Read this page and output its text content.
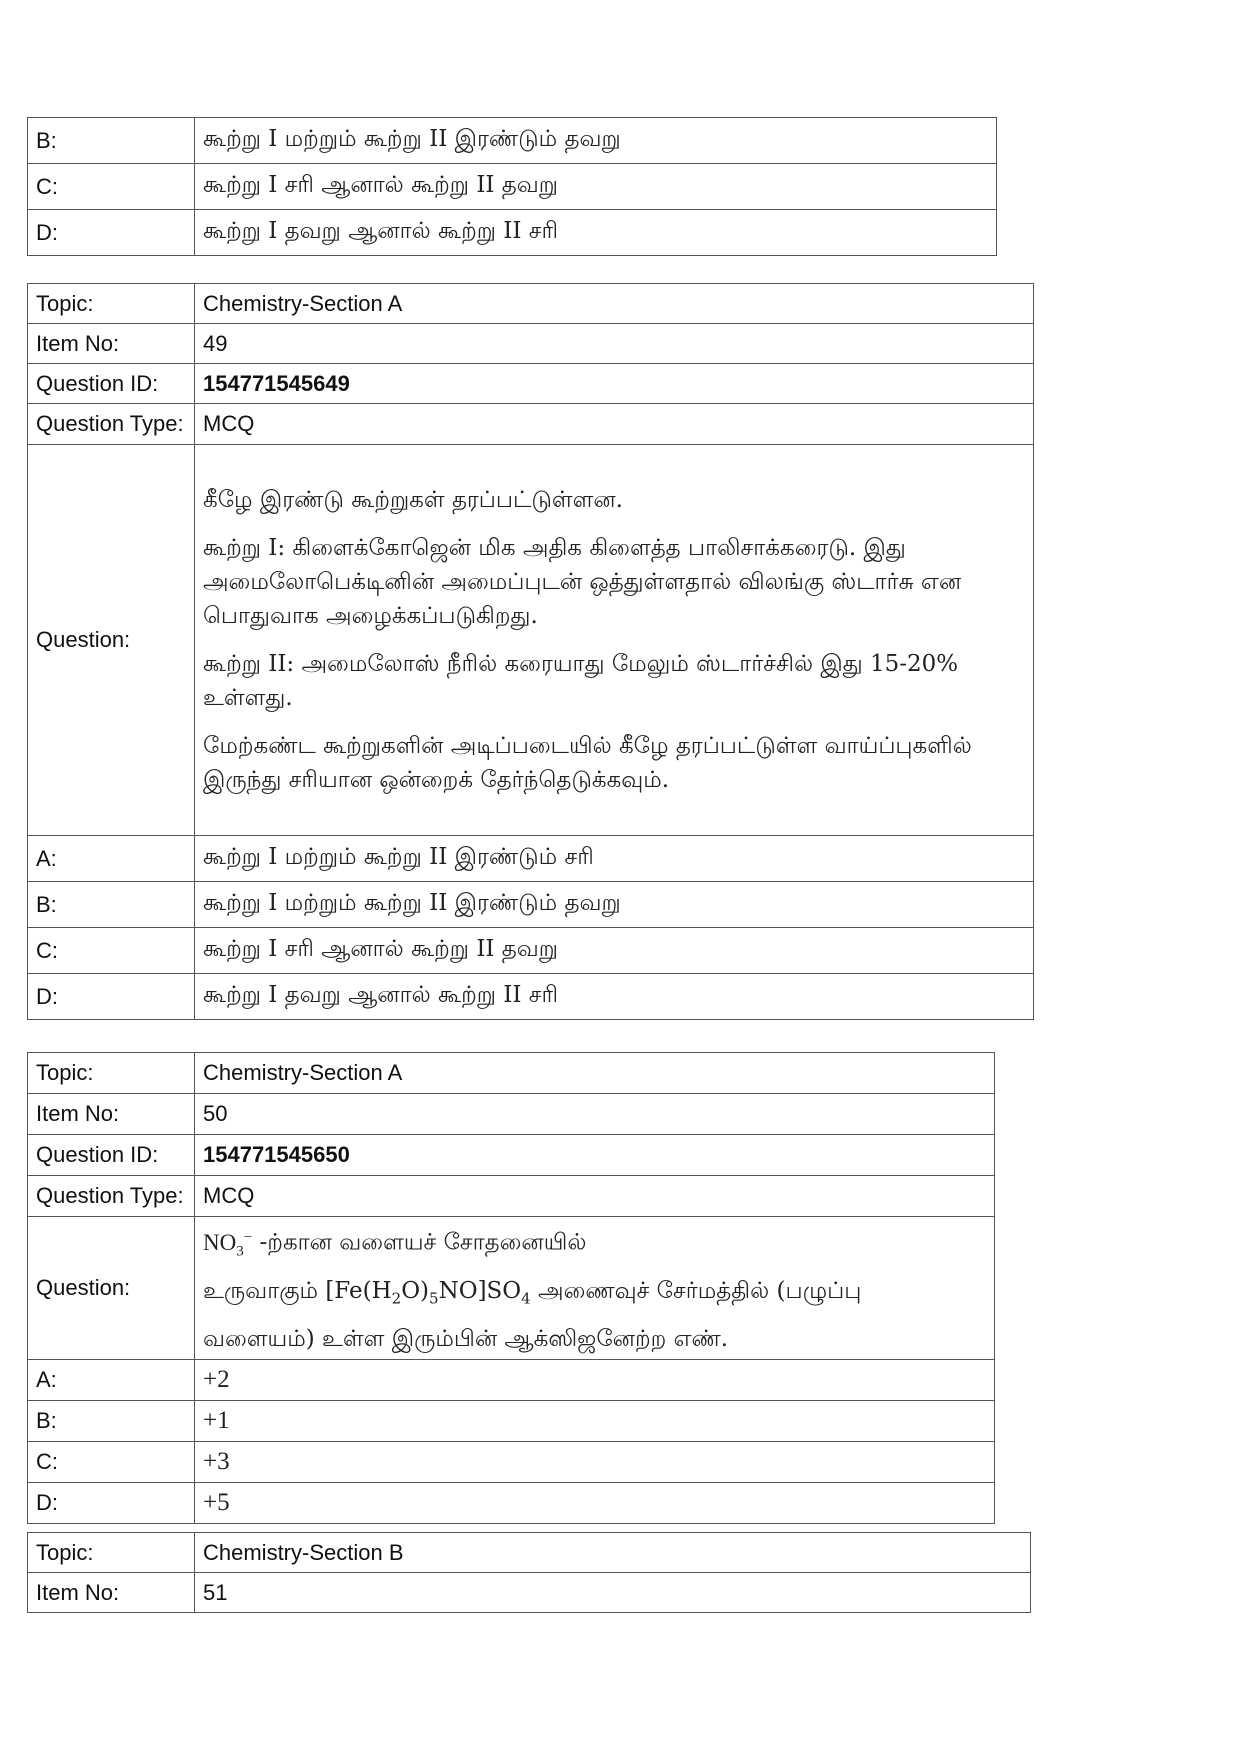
B:	கூற்று I மற்றும் கூற்று II இரண்டும் தவறு
C:	கூற்று I சரி ஆனால் கூற்று II தவறு
D:	கூற்று I தவறு ஆனால் கூற்று II சரி
Topic:	Chemistry-Section A
Item No:	49
Question ID:	154771545649
Question Type:	MCQ
Question:	கீழே இரண்டு கூற்றுகள் தரப்பட்டுள்ளன.

கூற்று I: கிளைக்கோஜென் மிக அதிக கிளைத்த பாலிசாக்கரைடு. இது அமைலோபெக்டினின் அமைப்புடன் ஒத்துள்ளதால் விலங்கு ஸ்டார்சு என பொதுவாக அழைக்கப்படுகிறது.

கூற்று II: அமைலோஸ் நீரில் கரையாது மேலும் ஸ்டார்ச்சில் இது 15-20% உள்ளது.

மேற்கண்ட கூற்றுகளின் அடிப்படையில் கீழே தரப்பட்டுள்ள வாய்ப்புகளில் இருந்து சரியான ஒன்றைக் தேர்ந்தெடுக்கவும்.

A:	கூற்று I மற்றும் கூற்று II இரண்டும் சரி
B:	கூற்று I மற்றும் கூற்று II இரண்டும் தவறு
C:	கூற்று I சரி ஆனால் கூற்று II தவறு
D:	கூற்று I தவறு ஆனால் கூற்று II சரி
Topic:	Chemistry-Section A
Item No:	50
Question ID:	154771545650
Question Type:	MCQ
Question:	$NO_3^-$ -ற்கான வளையச் சோதனையில்
உருவாகும் $[Fe(H_2O)_5NO]SO_4$ அணைவுச் சேர்மத்தில் (பழுப்பு
வளையம்) உள்ள இரும்பின் ஆக்ஸிஜனேற்ற எண்.

A:	+2
B:	+1
C:	+3
D:	+5
Topic:	Chemistry-Section B
Item No:	51
